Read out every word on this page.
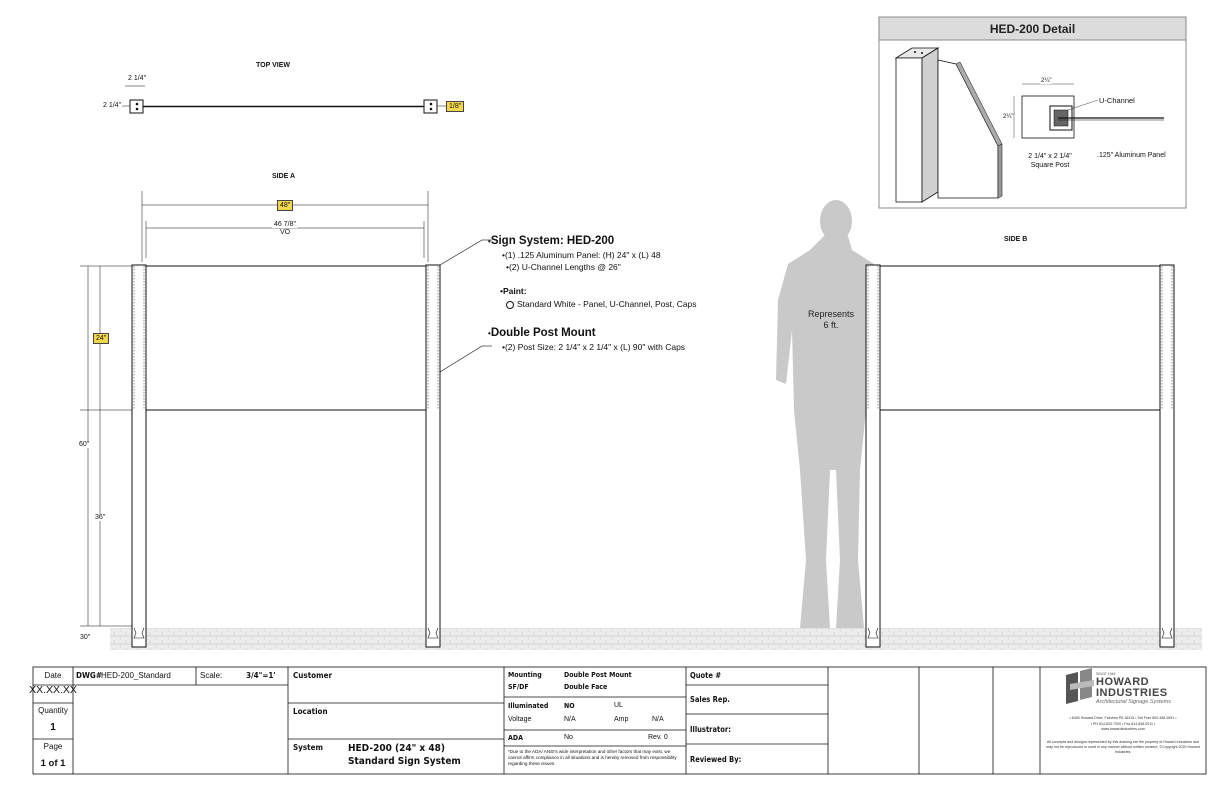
TOP VIEW
2 1/4"
2 1/4"	1/8"
SIDE A
48"
46 7/8"
VO
24"
60"
36"
30"
•Sign System: HED-200
•(1) .125 Aluminum Panel: (H) 24" x (L) 48
•(2) U-Channel Lengths @ 26"
•Paint:
Standard White - Panel, U-Channel, Post, Caps
•Double Post Mount
•(2) Post Size: 2 1/4" x 2 1/4" x (L) 90" with Caps
Represents
6 ft.
SIDE B
HED-200 Detail
2¼"
2¼"
U-Channel
2 1/4" x 2 1/4"
Square Post
.125" Aluminum Panel
Date
XX.XX.XX
Quantity
1
Page
1 of 1
DWG# HED-200_Standard	Scale:	3/4"=1' Customer
Location
System	HED-200 (24" x 48)
Standard Sign System
Mounting	Double Post Mount
SF/DF	Double Face
Illuminated NO	UL
Voltage	N/A	Amp	N/A
ADA	No	Rev. 0
*Due to the ADA/ ANSI's wide interpretation and other factors that may exist, we cannot affirm compliance in all situations and is hereby removed from responsibility regarding these issues.
Quote #
Sales Rep.
Illustrator:
Reviewed By:
SINCE 1946
HOWARD
INDUSTRIES
Architectural Signage Systems
• 6400 Howard Drive, Fairview PA 16415 • Toll Free 800.458.0591 •
• PH 814.833.7000 • Fax 814.838.0011 •
www.howardindustries.com
All concepts and designs represented by this drawing are the property of Howard Industries and may not be reproduced or used in any manner without written consent. ©Copyright 2020 Howard Industries.
